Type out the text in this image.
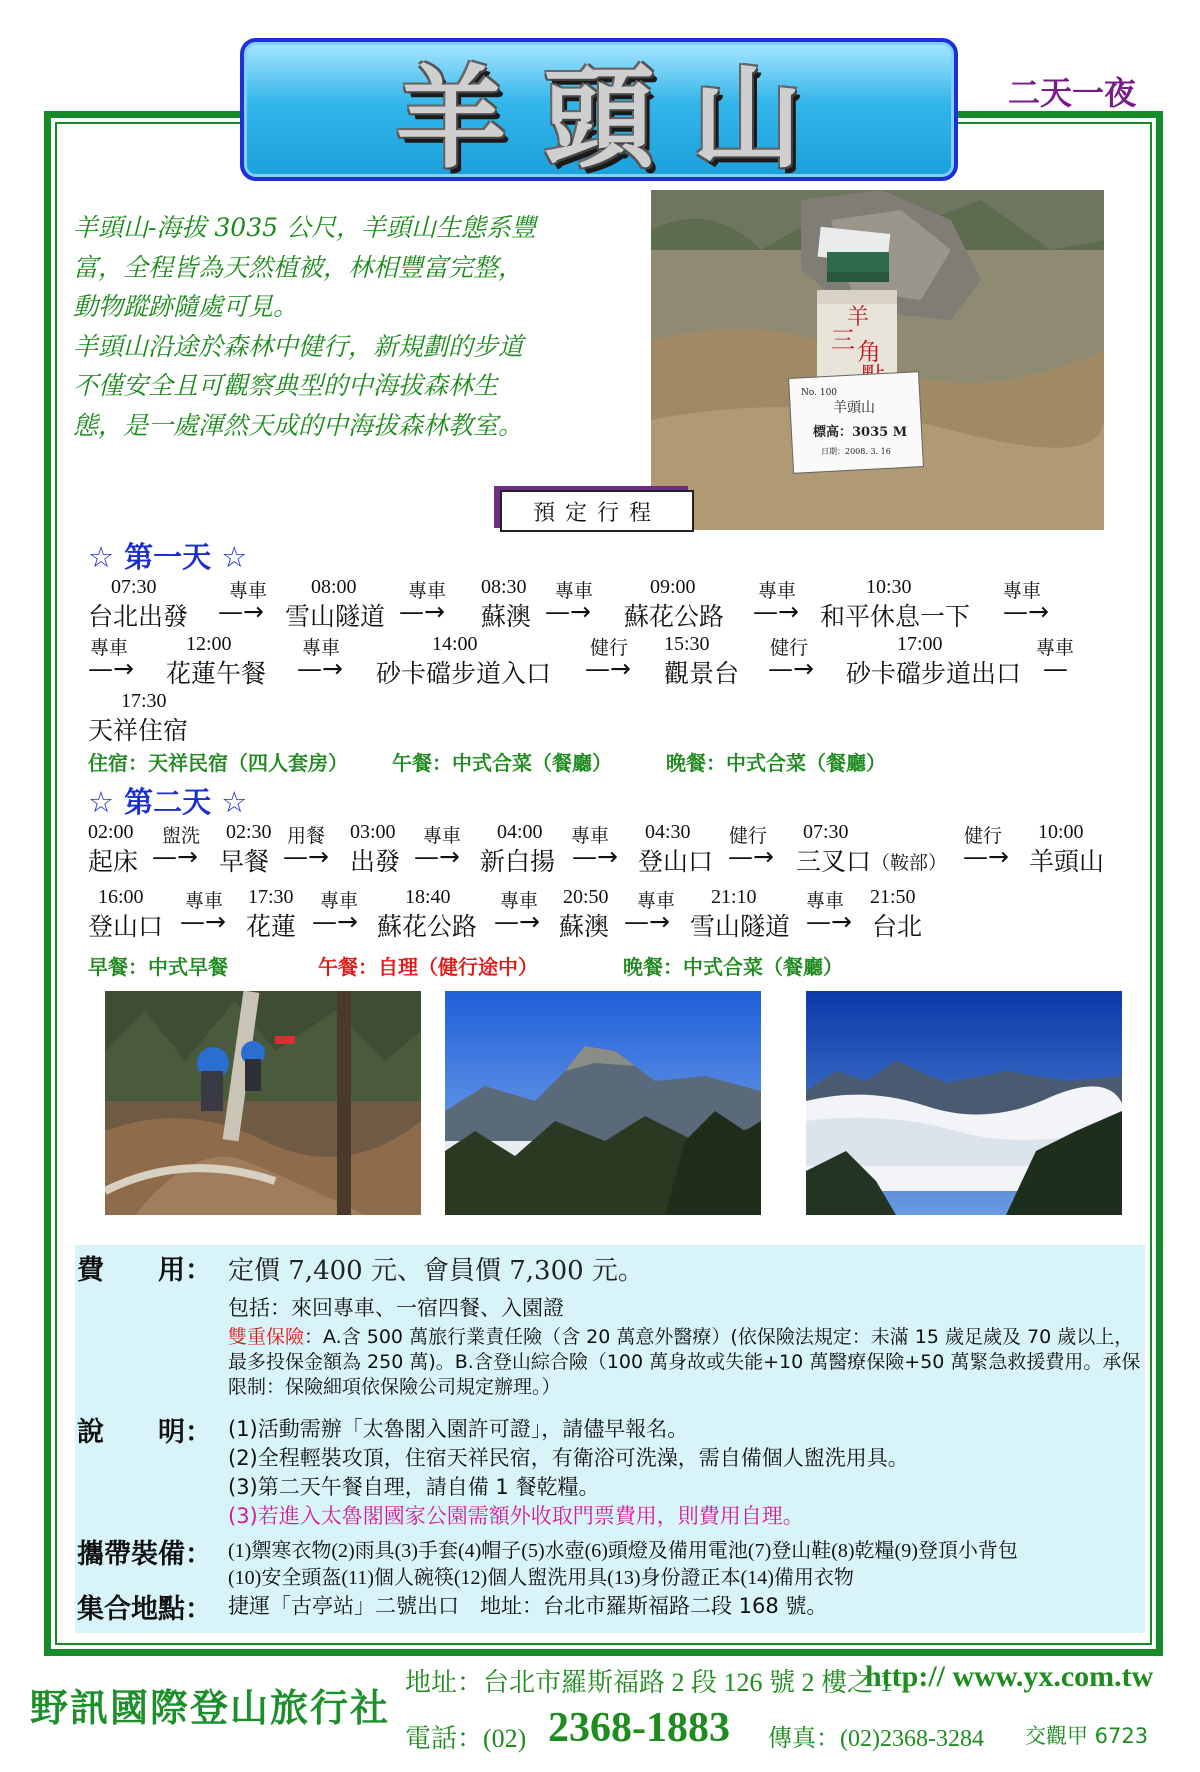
羊頭山	二天一夜

羊頭山-海拔 3035 公尺，羊頭山生態系豐

富，全程皆為天然植被，林相豐富完整，

動物蹤跡隨處可見。

羊頭山沿途於森林中健行，新規劃的步道

不僅安全且可觀察典型的中海拔森林生

態，是一處渾然天成的中海拔森林教室。

羊
三 角
No. 100
羊頭山
標高：3035 M
日期：2008. 3. 16
預定行程
☆ 第一天 ☆
07:30	08:00	08:30	09:00	10:30
專車	專車	專車	專車	專車
台北出發 —→ 雪山隧道 —→ 蘇澳 —→ 蘇花公路 —→ 和平休息一下 —→
專車	12:00	專車	14:00	健行 15:30	健行	17:00	專車
—→ 花蓮午餐 —→ 砂卡礑步道入口 —→ 觀景台 —→ 砂卡礑步道出口 —
17:30
天祥住宿
住宿：天祥民宿（四人套房） 午餐：中式合菜（餐廳）	晚餐：中式合菜（餐廳）
☆ 第二天 ☆
02:00 盥洗 02:30 用餐 03:00 專車 04:00 專車 04:30 健行 07:30	健行 10:00
起床 —→ 早餐 —→ 出發 —→ 新白揚 —→ 登山口 —→ 三叉口 （鞍部） —→ 羊頭山
16:00 專車 17:30 專車 18:40	專車 20:50 專車 21:10	專車 21:50
登山口 —→ 花蓮 —→ 蘇花公路 —→ 蘇澳 —→ 雪山隧道 —→ 台北
早餐：中式早餐	午餐：自理（健行途中）	晚餐：中式合菜（餐廳）
費　　用： 定價 7,400 元、會員價 7,300 元。
包括：來回專車、一宿四餐、入園證
雙重保險：A.含 500 萬旅行業責任險（含 20 萬意外醫療）(依保險法規定：未滿 15 歲足歲及 70 歲以上，最多投保金額為 250 萬)。B.含登山綜合險（100 萬身故或失能+10 萬醫療保險+50 萬緊急救援費用。承保限制：保險細項依保險公司規定辦理。）
說　　明： (1)活動需辦「太魯閣入園許可證」，請儘早報名。
(2)全程輕裝攻頂，住宿天祥民宿，有衛浴可洗澡，需自備個人盥洗用具。
(3)第二天午餐自理，請自備 1 餐乾糧。
(3)若進入太魯閣國家公園需額外收取門票費用，則費用自理。
攜帶裝備： (1)禦寒衣物(2)雨具(3)手套(4)帽子(5)水壺(6)頭燈及備用電池(7)登山鞋(8)乾糧(9)登頂小背包
(10)安全頭盔(11)個人碗筷(12)個人盥洗用具(13)身份證正本(14)備用衣物
集合地點： 捷運「古亭站」二號出口　地址：台北市羅斯福路二段 168 號。
野訊國際登山旅行社
地址：台北市羅斯福路 2 段 126 號 2 樓之 1
http:// www.yx.com.tw
電話：(02) 2368-1883 傳真：(02)2368-3284 交觀甲 6723
